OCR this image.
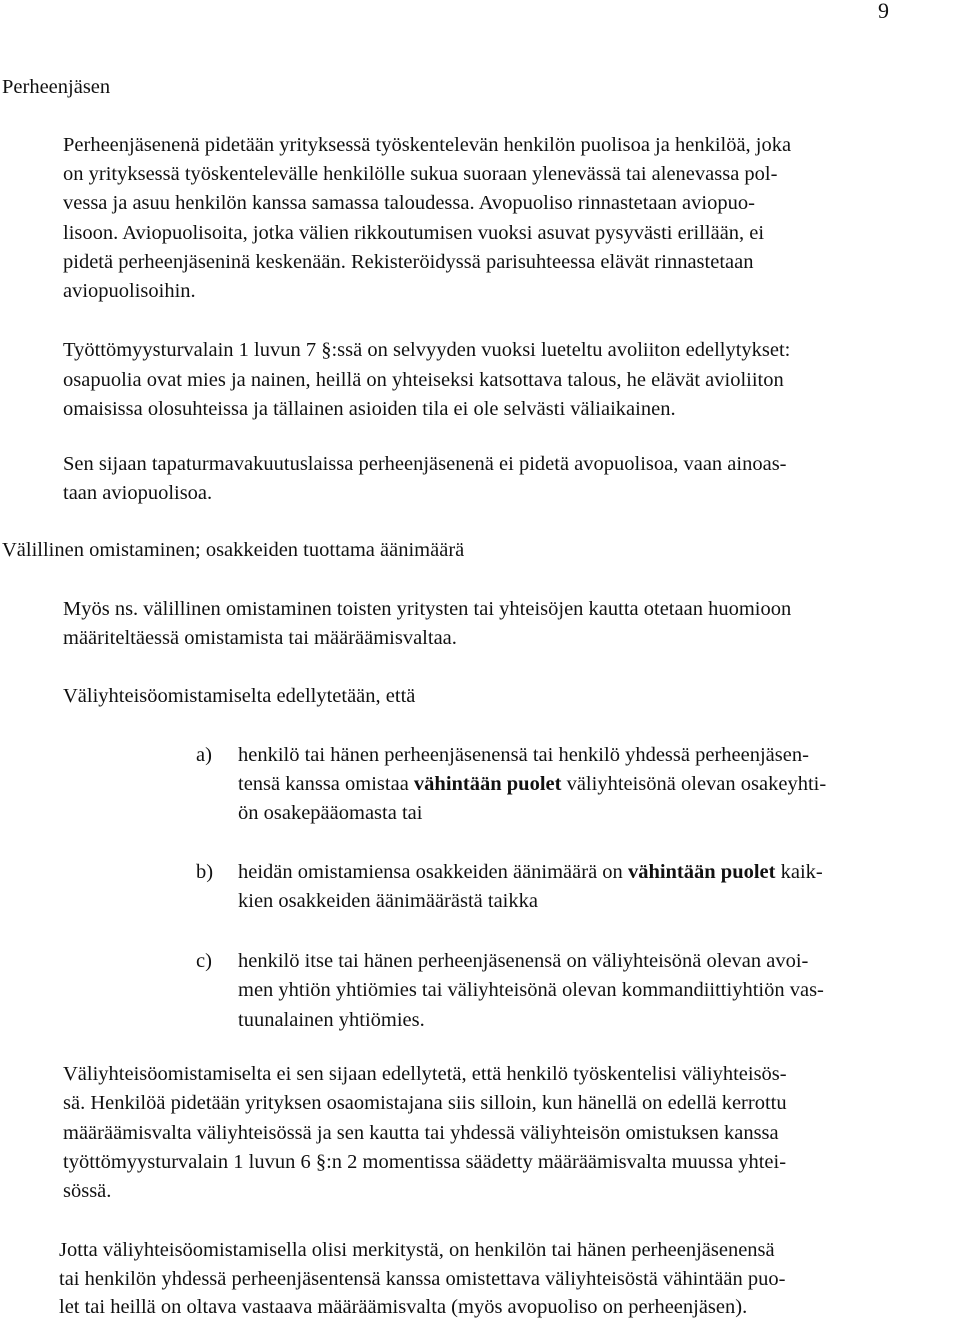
9
Perheenjäsen
Perheenjäsenenä pidetään yrityksessä työskentelevän henkilön puolisoa ja henkilöä, joka
on yrityksessä työskentelevälle henkilölle sukua suoraan ylenevässä tai alenevassa pol-
vessa ja asuu henkilön kanssa samassa taloudessa. Avopuoliso rinnastetaan aviopuo-
lisoon. Aviopuolisoita, jotka välien rikkoutumisen vuoksi asuvat pysyvästi erillään, ei
pidetä perheenjäseninä keskenään. Rekisteröidyssä parisuhteessa elävät rinnastetaan
aviopuolisoihin.
Työttömyysturvalain 1 luvun 7 §:ssä on selvyyden vuoksi lueteltu avoliiton edellytykset:
osapuolia ovat mies ja nainen, heillä on yhteiseksi katsottava talous, he elävät avioliiton
omaisissa olosuhteissa ja tällainen asioiden tila ei ole selvästi väliaikainen.
Sen sijaan tapaturmavakuutuslaissa perheenjäsenenä ei pidetä avopuolisoa, vaan ainoas-
taan aviopuolisoa.
Välillinen omistaminen; osakkeiden tuottama äänimäärä
Myös ns. välillinen omistaminen toisten yritysten tai yhteisöjen kautta otetaan huomioon
määriteltäessä omistamista tai määräämisvaltaa.
Väliyhteisöomistamiselta edellytetään, että
a) henkilö tai hänen perheenjäsenensä tai henkilö yhdessä perheenjäsen-
tensä kanssa omistaa vähintään puolet väliyhteisönä olevan osakeyhti-
ön osakepääomasta tai
b) heidän omistamiensa osakkeiden äänimäärä on vähintään puolet kaik-
kien osakkeiden äänimäärästä taikka
c) henkilö itse tai hänen perheenjäsenensä on väliyhteisönä olevan avoi-
men yhtiön yhtiömies tai väliyhteisönä olevan kommandiittiyhtiön vas-
tuunalainen yhtiömies.
Väliyhteisöomistamiselta ei sen sijaan edellytetä, että henkilö työskentelisi väliyhteisös-
sä. Henkilöä pidetään yrityksen osaomistajana siis silloin, kun hänellä on edellä kerrottu
määräämisvalta väliyhteisössä ja sen kautta tai yhdessä väliyhteisön omistuksen kanssa
työttömyysturvalain 1 luvun 6 §:n 2 momentissa säädetty määräämisvalta muussa yhtei-
sössä.
Jotta väliyhteisöomistamisella olisi merkitystä, on henkilön tai hänen perheenjäsenensä
tai henkilön yhdessä perheenjäsentensä kanssa omistettava väliyhteisöstä vähintään puo-
let tai heillä on oltava vastaava määräämisvalta (myös avopuoliso on perheenjäsen).
